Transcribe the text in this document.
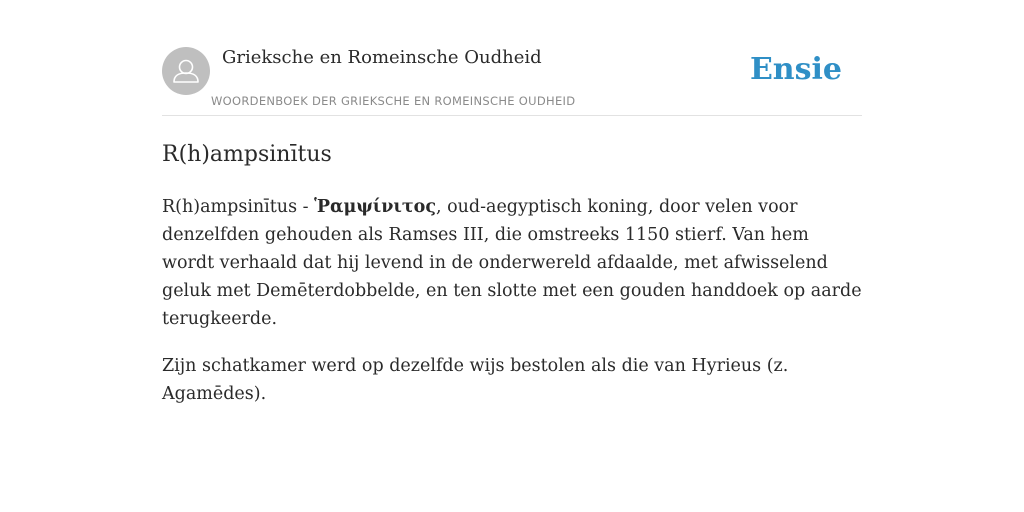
Grieksche en Romeinsche Oudheid
WOORDENBOEK DER GRIEKSCHE EN ROMEINSCHE OUDHEID
Ensie
R(h)ampsinītus

R(h)ampsinītus - Ῥαμψίνιτος, oud-aegyptisch koning, door velen voor denzelfden gehouden als Ramses III, die omstreeks 1150 stierf. Van hem wordt verhaald dat hij levend in de onderwereld afdaalde, met afwisselend geluk met Demēterdobbelde, en ten slotte met een gouden handdoek op aarde terugkeerde.

Zijn schatkamer werd op dezelfde wijs bestolen als die van Hyrieus (z. Agamēdes).
